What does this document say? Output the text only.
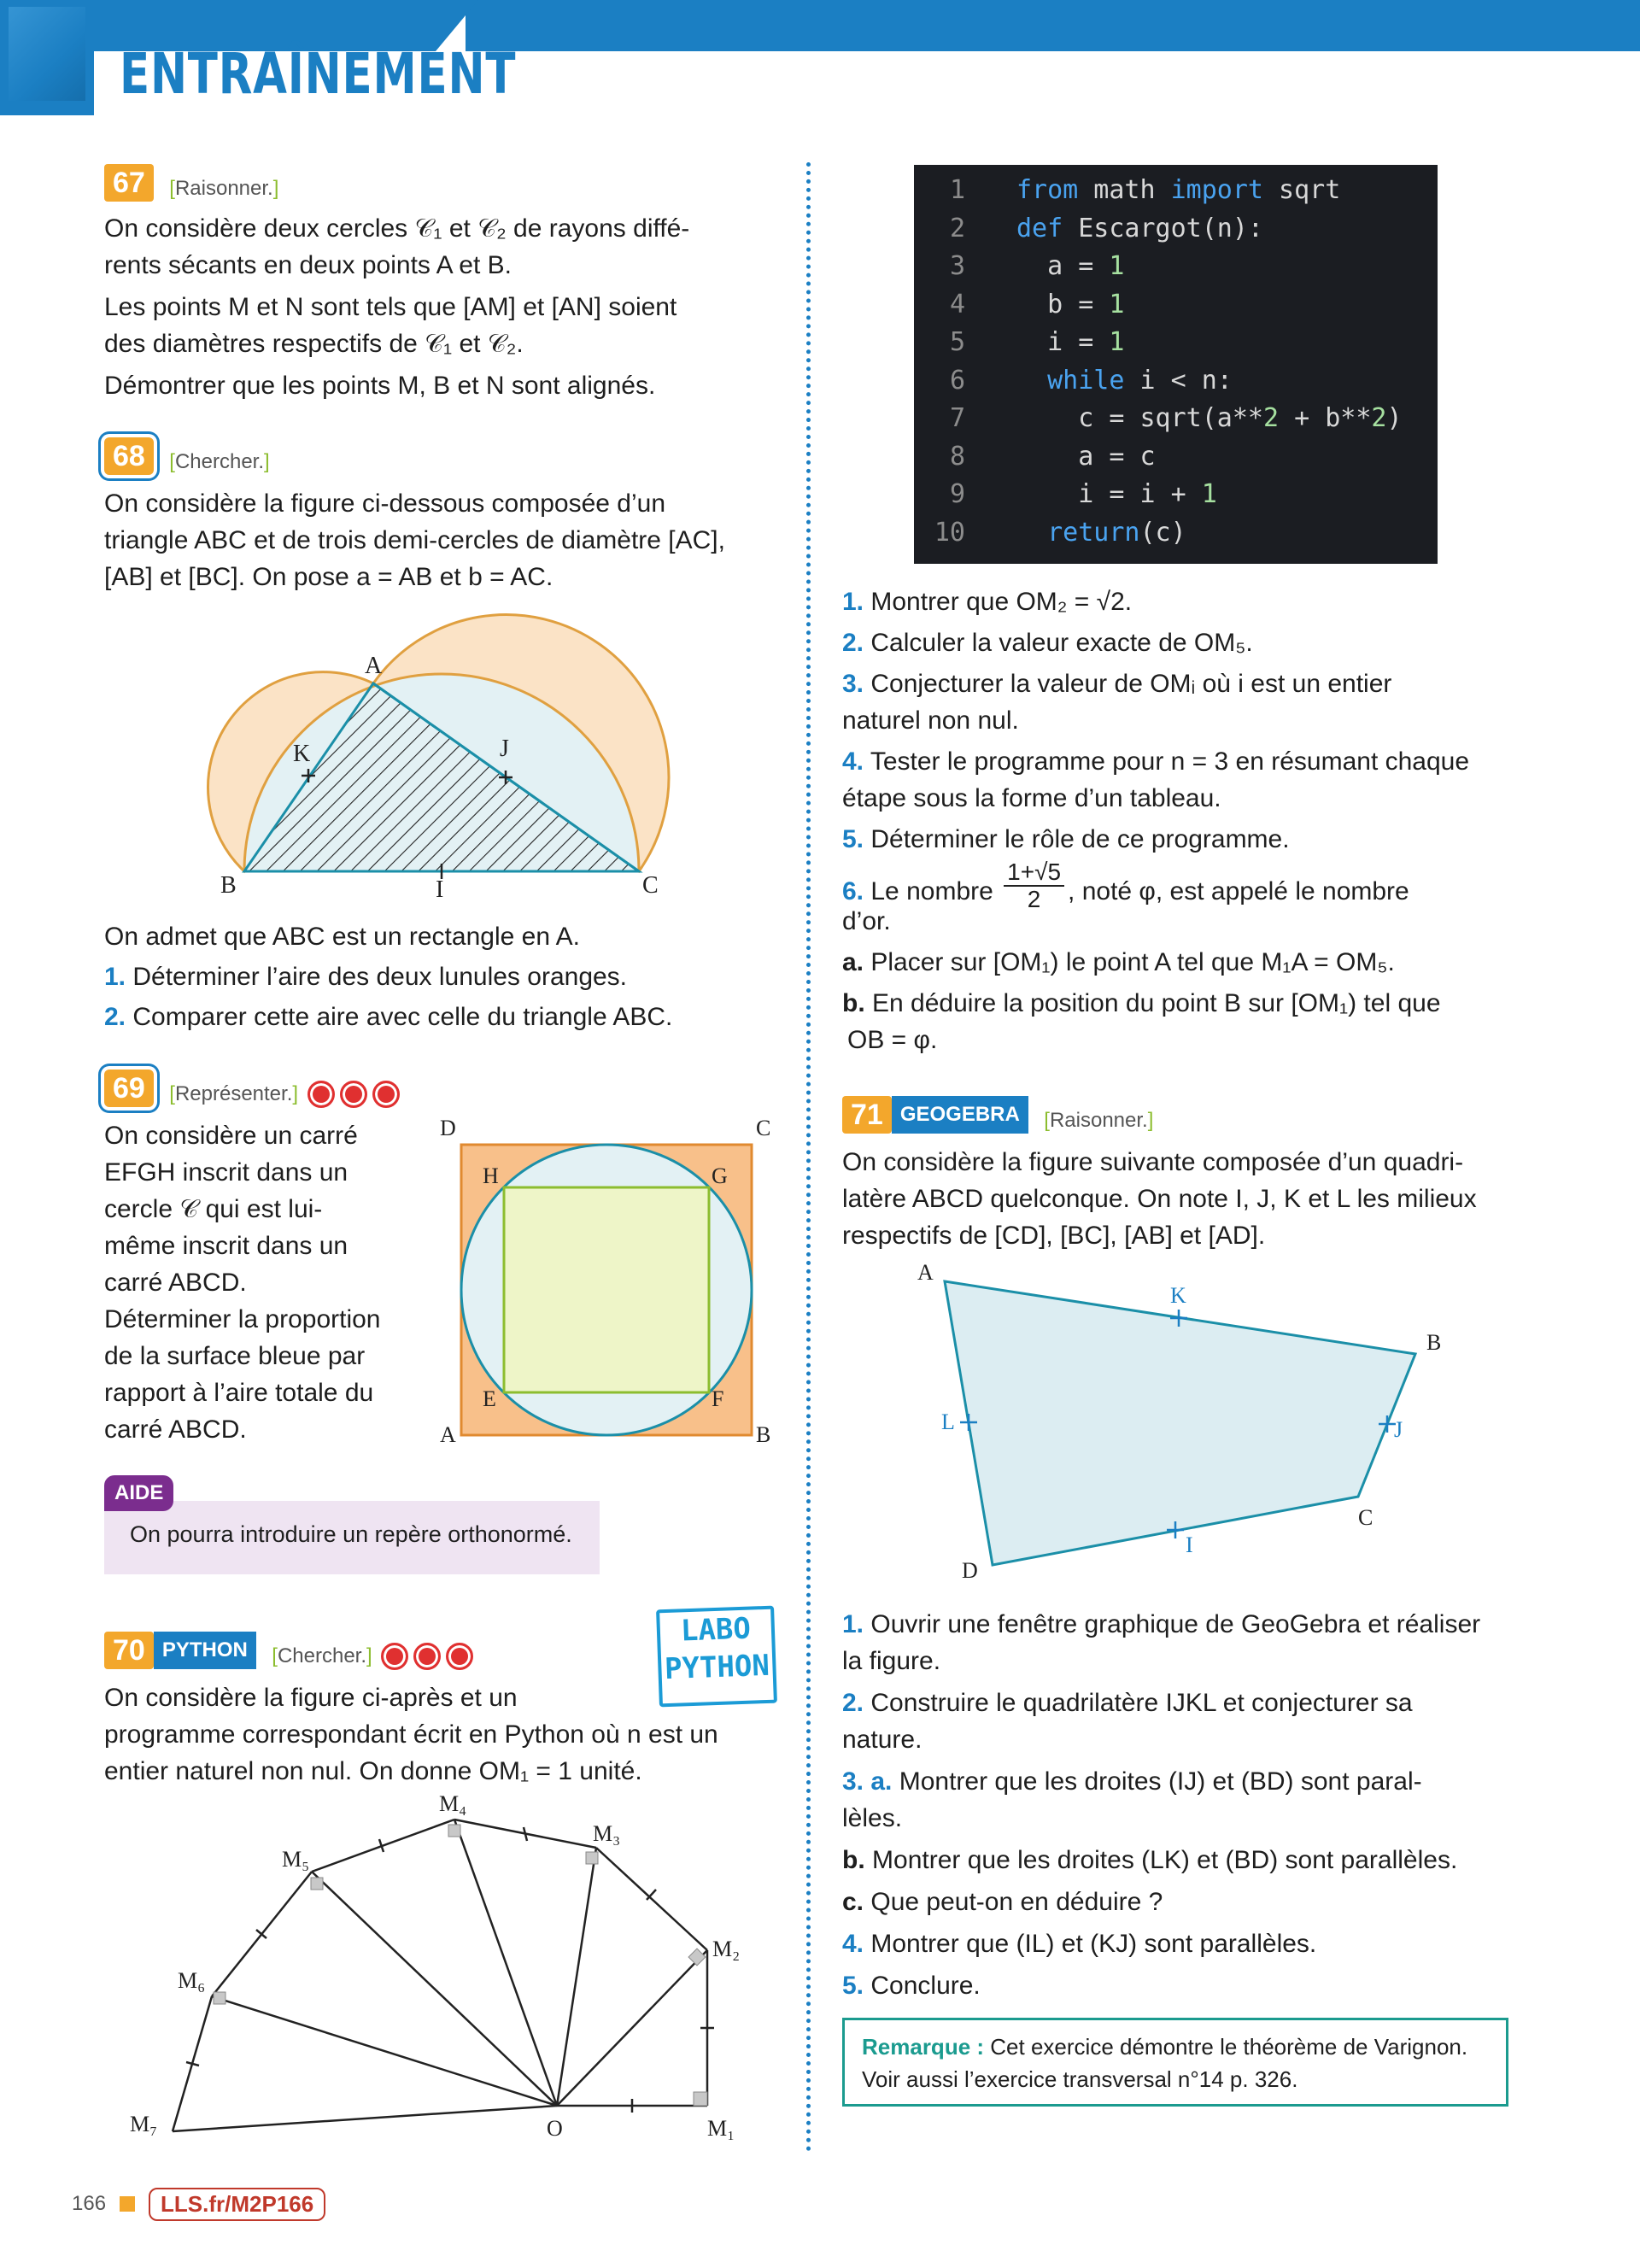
ENTRAÎNEMENT
67 [Raisonner.]

On considère deux cercles 𝒞₁ et 𝒞₂ de rayons diffé-

rents sécants en deux points A et B.

Les points M et N sont tels que [AM] et [AN] soient

des diamètres respectifs de 𝒞₁ et 𝒞₂.

Démontrer que les points M, B et N sont alignés.

68 [Chercher.]

On considère la figure ci-dessous composée d’un

triangle ABC et de trois demi-cercles de diamètre [AC],

[AB] et [BC]. On pose a = AB et b = AC.

A
K	J
B	I	C

On admet que ABC est un rectangle en A.

1. Déterminer l’aire des deux lunules oranges.

2. Comparer cette aire avec celle du triangle ABC.

69 [Représenter.]

On considère un carré

EFGH inscrit dans un

cercle 𝒞 qui est lui-

même inscrit dans un

carré ABCD.

Déterminer la proportion

de la surface bleue par

rapport à l’aire totale du

carré ABCD.

D	C
H	G
E	F
A	B
AIDE

On pourra introduire un repère orthonormé.

70 PYTHON [Chercher.]

On considère la figure ci-après et un

programme correspondant écrit en Python où n est un

entier naturel non nul. On donne OM₁ = 1 unité.

LABO
PYTHON
O	M₁
M₂
M₃
M₄
M₅
M₆
M₇
1 from math import sqrt
2 def Escargot(n):
3  a = 1
4  b = 1
5  i = 1
6	while i < n:
7    c = sqrt(a**2 + b**2)
8    a = c
9    i = i + 1
10	return(c)

1. Montrer que OM₂ = √2.

2. Calculer la valeur exacte de OM₅.

3. Conjecturer la valeur de OMᵢ où i est un entier

naturel non nul.

4. Tester le programme pour n = 3 en résumant chaque

étape sous la forme d’un tableau.

5. Déterminer le rôle de ce programme.

6. Le nombre $\frac{1+√5}{2}$ , noté φ, est appelé le nombre

d’or.

a. Placer sur [OM₁) le point A tel que M₁A = OM₅.

b. En déduire la position du point B sur [OM₁) tel que

OB = φ.

71 GEOGEBRA [Raisonner.]

On considère la figure suivante composée d’un quadri-

latère ABCD quelconque. On note I, J, K et L les milieux

respectifs de [CD], [BC], [AB] et [AD].

A
B
C
D
K
J
I
L

1. Ouvrir une fenêtre graphique de GeoGebra et réaliser

la figure.

2. Construire le quadrilatère IJKL et conjecturer sa

nature.

3. a. Montrer que les droites (IJ) et (BD) sont paral-

lèles.

b. Montrer que les droites (LK) et (BD) sont parallèles.

c. Que peut-on en déduire ?

4. Montrer que (IL) et (KJ) sont parallèles.

5. Conclure.

Remarque : Cet exercice démontre le théorème de Varignon.
Voir aussi l’exercice transversal n°14 p. 326.
166	LLS.fr/M2P166
